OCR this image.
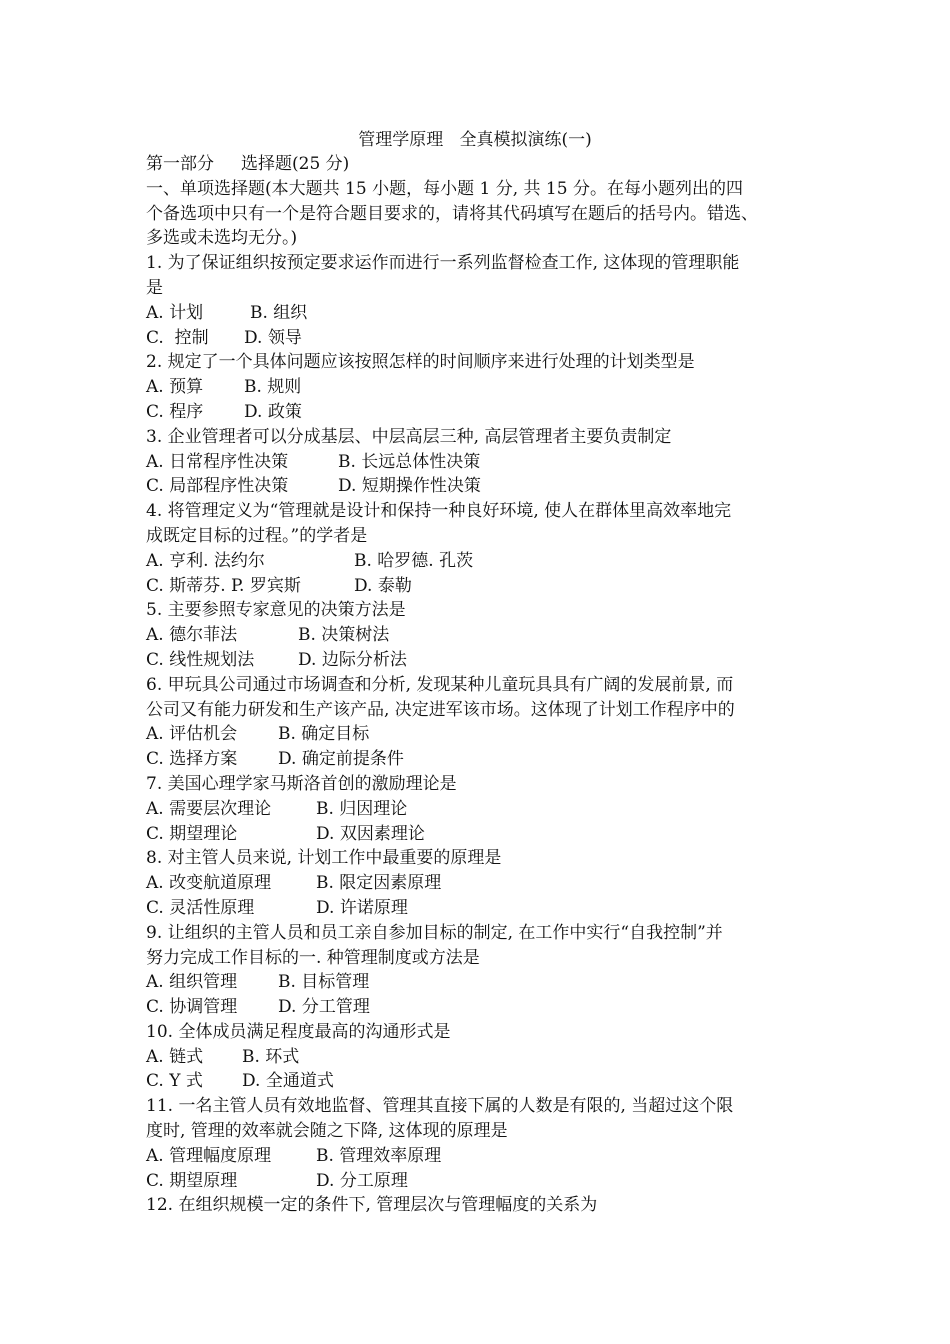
管理学原理   全真模拟演练(一)
第一部分     选择题(25 分)
一、单项选择题(本大题共 15 小题，每小题 1 分, 共 15 分。在每小题列出的四
个备选项中只有一个是符合题目要求的，请将其代码填写在题后的括号内。错选、
多选或未选均无分。)
1. 为了保证组织按预定要求运作而进行一系列监督检查工作, 这体现的管理职能
是
A. 计划	B. 组织
C.  控制 D. 领导
2. 规定了一个具体问题应该按照怎样的时间顺序来进行处理的计划类型是
A. 预算 B. 规则
C. 程序 D. 政策
3. 企业管理者可以分成基层、中层高层三种, 高层管理者主要负责制定
A. 日常程序性决策	B. 长远总体性决策
C. 局部程序性决策	D. 短期操作性决策
4. 将管理定义为“管理就是设计和保持一种良好环境, 使人在群体里高效率地完
成既定目标的过程。”的学者是
A. 亨利. 法约尔	B. 哈罗德. 孔茨
C. 斯蒂芬. P. 罗宾斯	D. 泰勒
5. 主要参照专家意见的决策方法是
A. 德尔菲法	B. 决策树法
C. 线性规划法	D. 边际分析法
6. 甲玩具公司通过市场调查和分析, 发现某种儿童玩具具有广阔的发展前景, 而
公司又有能力研发和生产该产品, 决定进军该市场。这体现了计划工作程序中的
A. 评估机会 B. 确定目标
C. 选择方案 D. 确定前提条件
7. 美国心理学家马斯洛首创的激励理论是
A. 需要层次理论	B. 归因理论
C. 期望理论	D. 双因素理论
8. 对主管人员来说, 计划工作中最重要的原理是
A. 改变航道原理	B. 限定因素原理
C. 灵活性原理	D. 许诺原理
9. 让组织的主管人员和员工亲自参加目标的制定, 在工作中实行“自我控制”并
努力完成工作目标的一. 种管理制度或方法是
A. 组织管理 B. 目标管理
C. 协调管理 D. 分工管理
10. 全体成员满足程度最高的沟通形式是
A. 链式 B. 环式
C. Y 式 D. 全通道式
11. 一名主管人员有效地监督、管理其直接下属的人数是有限的, 当超过这个限
度时, 管理的效率就会随之下降, 这体现的原理是
A. 管理幅度原理	B. 管理效率原理
C. 期望原理	D. 分工原理
12. 在组织规模一定的条件下, 管理层次与管理幅度的关系为
